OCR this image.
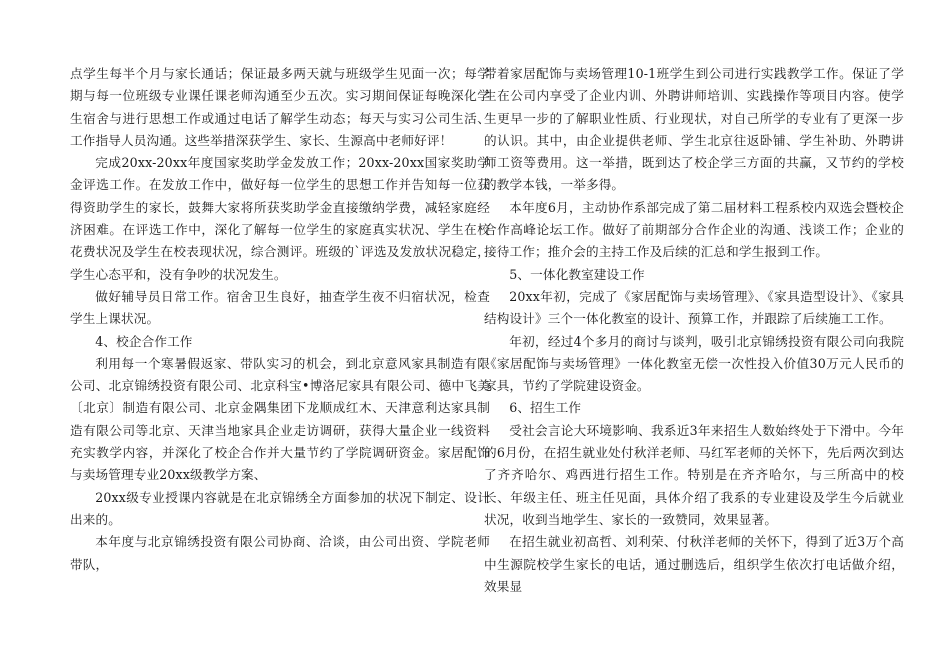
点学生每半个月与家长通话；保证最多两天就与班级学生见面一次；每学期与每一位班级专业课任课老师沟通至少五次。实习期间保证每晚深化学生宿舍与进行思想工作或通过电话了解学生动态；每天与实习公司生活、工作指导人员沟通。这些举措深获学生、家长、生源高中老师好评！

完成20xx-20xx年度国家奖助学金发放工作；20xx-20xx国家奖助学金评选工作。在发放工作中，做好每一位学生的思想工作并告知每一位获得资助学生的家长，鼓舞大家将所获奖助学金直接缴纳学费，减轻家庭经济困难。在评选工作中，深化了解每一位学生的家庭真实状况、学生在校花费状况及学生在校表现状况，综合测评。班级的`评选及发放状况稳定，学生心态平和，没有争吵的状况发生。

做好辅导员日常工作。宿舍卫生良好，抽查学生夜不归宿状况，检查学生上课状况。

4、校企合作工作

利用每一个寒暑假返家、带队实习的机会，到北京意风家具制造有限公司、北京锦绣投资有限公司、北京科宝•博洛尼家具有限公司、德中飞美〔北京〕制造有限公司、北京金隅集团下龙顺成红木、天津意利达家具制造有限公司等北京、天津当地家具企业走访调研，获得大量企业一线资料充实教学内容，并深化了校企合作并大量节约了学院调研资金。家居配饰与卖场管理专业20xx级教学方案、

20xx级专业授课内容就是在北京锦绣全方面参加的状况下制定、设计出来的。

本年度与北京锦绣投资有限公司协商、洽谈，由公司出资、学院老师带队，

带着家居配饰与卖场管理10-1班学生到公司进行实践教学工作。保证了学生在公司内享受了企业内训、外聘讲师培训、实践操作等项目内容。使学生更早一步的了解职业性质、行业现状，对自己所学的专业有了更深一步的认识。其中，由企业提供老师、学生北京往返卧铺、学生补助、外聘讲师工资等费用。这一举措，既到达了校企学三方面的共赢，又节约的学校的教学本钱，一举多得。

本年度6月，主动协作系部完成了第二届材料工程系校内双选会暨校企合作高峰论坛工作。做好了前期部分合作企业的沟通、浅谈工作；企业的接待工作；推介会的主持工作及后续的汇总和学生报到工作。

5、一体化教室建设工作

20xx年初，完成了《家居配饰与卖场管理》、《家具造型设计》、《家具结构设计》三个一体化教室的设计、预算工作，并跟踪了后续施工工作。

年初，经过4个多月的商讨与谈判，吸引北京锦绣投资有限公司向我院《家居配饰与卖场管理》一体化教室无偿一次性投入价值30万元人民币的家具，节约了学院建设资金。

6、招生工作

受社会言论大环境影响、我系近3年来招生人数始终处于下滑中。今年的6月份，在招生就业处付秋洋老师、马红军老师的关怀下，先后两次到达了齐齐哈尔、鸡西进行招生工作。特别是在齐齐哈尔，与三所高中的校长、年级主任、班主任见面，具体介绍了我系的专业建设及学生今后就业状况，收到当地学生、家长的一致赞同，效果显著。

在招生就业初高哲、刘利荣、付秋洋老师的关怀下，得到了近3万个高中生源院校学生家长的电话，通过删选后，组织学生依次打电话做介绍，效果显
